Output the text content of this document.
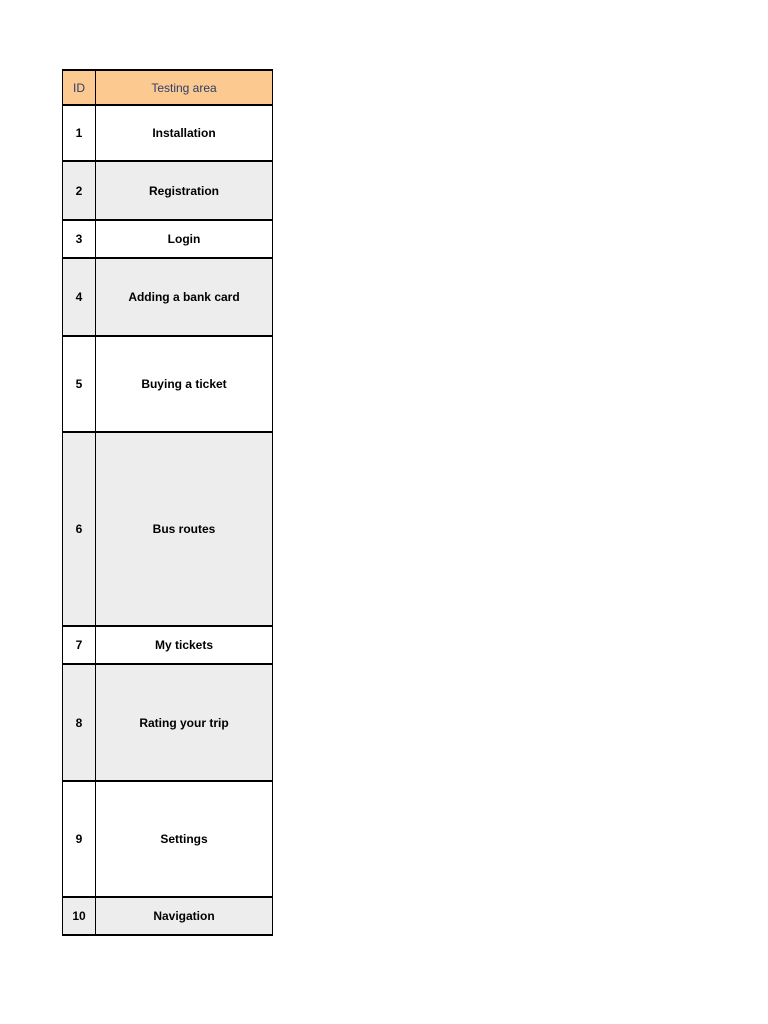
ID	Testing area
1	Installation
2	Registration
3	Login
4	Adding a bank card
5	Buying a ticket
6	Bus routes
7	My tickets
8	Rating your trip
9	Settings
10	Navigation
